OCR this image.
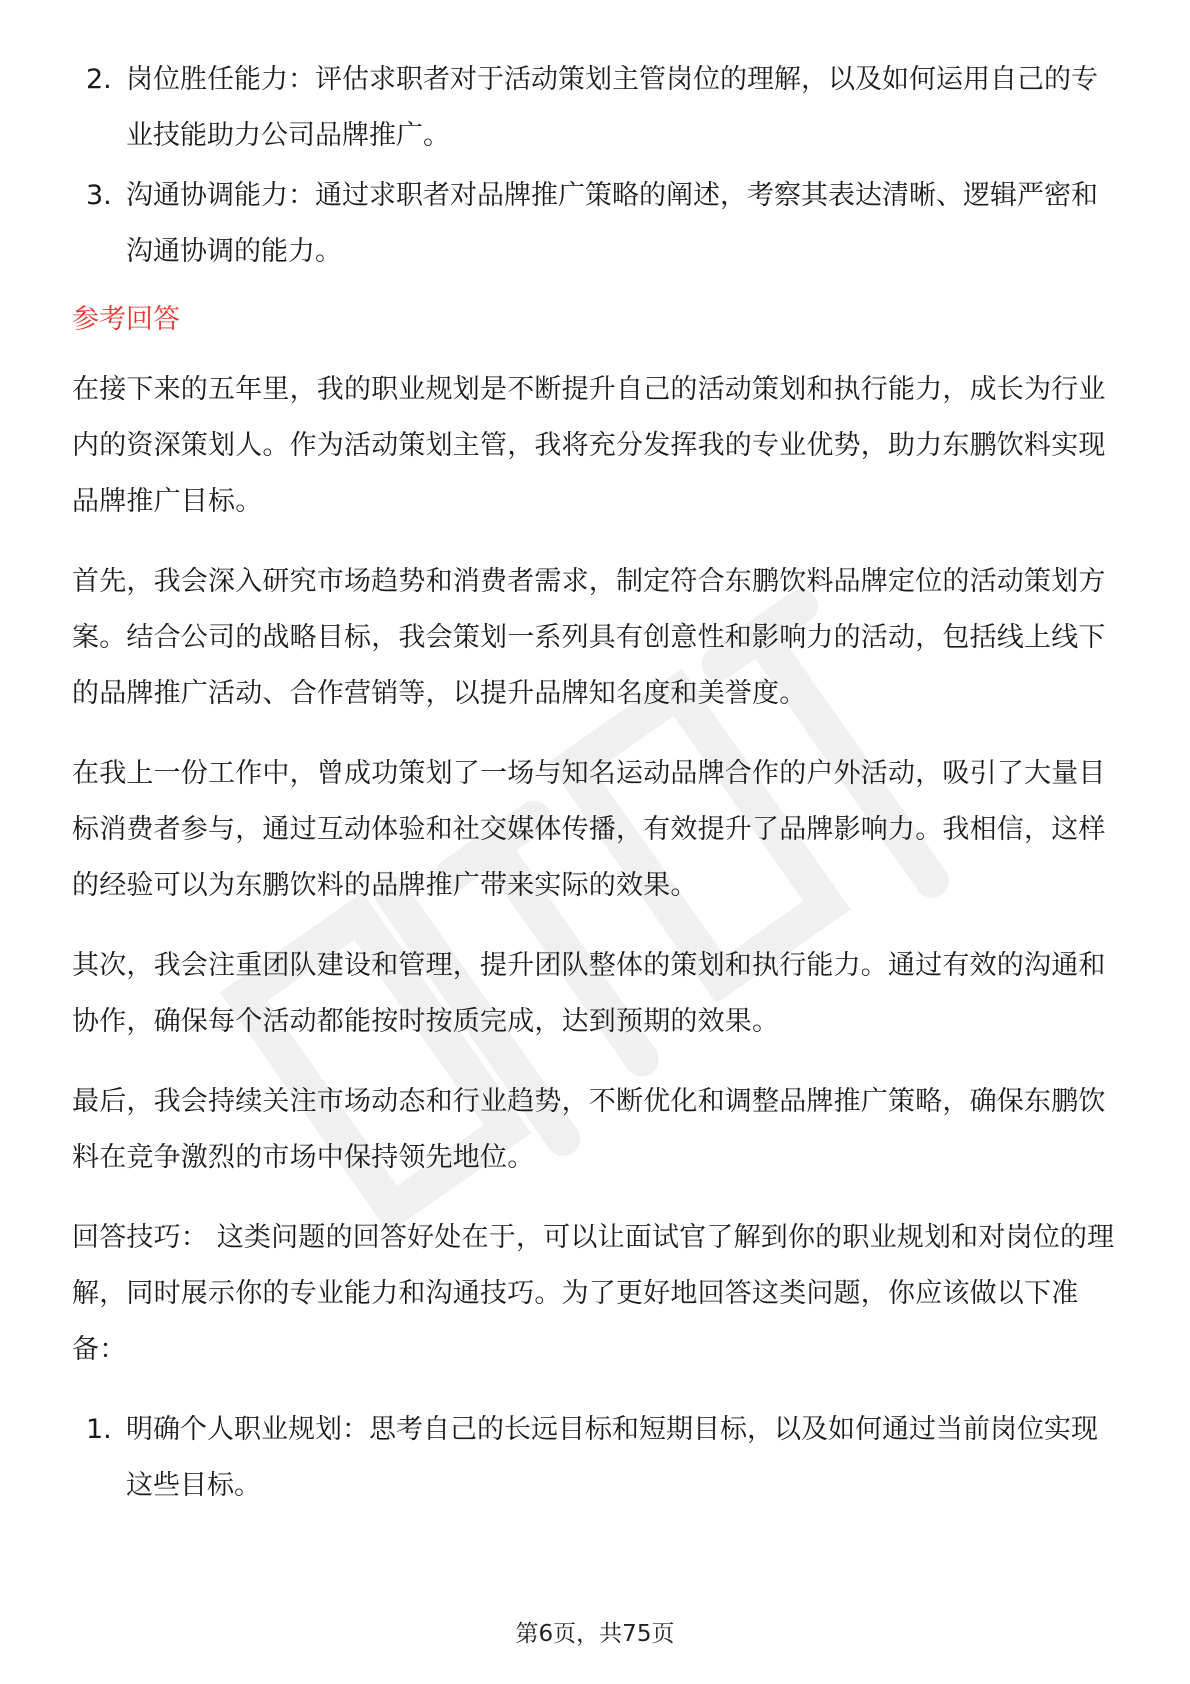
2. 岗位胜任能力：评估求职者对于活动策划主管岗位的理解，以及如何运用自己的专业技能助力公司品牌推广。
3. 沟通协调能力：通过求职者对品牌推广策略的阐述，考察其表达清晰、逻辑严密和沟通协调的能力。
参考回答

在接下来的五年里，我的职业规划是不断提升自己的活动策划和执行能力，成长为行业内的资深策划人。作为活动策划主管，我将充分发挥我的专业优势，助力东鹏饮料实现品牌推广目标。

首先，我会深入研究市场趋势和消费者需求，制定符合东鹏饮料品牌定位的活动策划方案。结合公司的战略目标，我会策划一系列具有创意性和影响力的活动，包括线上线下的品牌推广活动、合作营销等，以提升品牌知名度和美誉度。

在我上一份工作中，曾成功策划了一场与知名运动品牌合作的户外活动，吸引了大量目标消费者参与，通过互动体验和社交媒体传播，有效提升了品牌影响力。我相信，这样的经验可以为东鹏饮料的品牌推广带来实际的效果。

其次，我会注重团队建设和管理，提升团队整体的策划和执行能力。通过有效的沟通和协作，确保每个活动都能按时按质完成，达到预期的效果。

最后，我会持续关注市场动态和行业趋势，不断优化和调整品牌推广策略，确保东鹏饮料在竞争激烈的市场中保持领先地位。

回答技巧： 这类问题的回答好处在于，可以让面试官了解到你的职业规划和对岗位的理解，同时展示你的专业能力和沟通技巧。为了更好地回答这类问题，你应该做以下准备：

1. 明确个人职业规划：思考自己的长远目标和短期目标，以及如何通过当前岗位实现这些目标。
第6页，共75页
